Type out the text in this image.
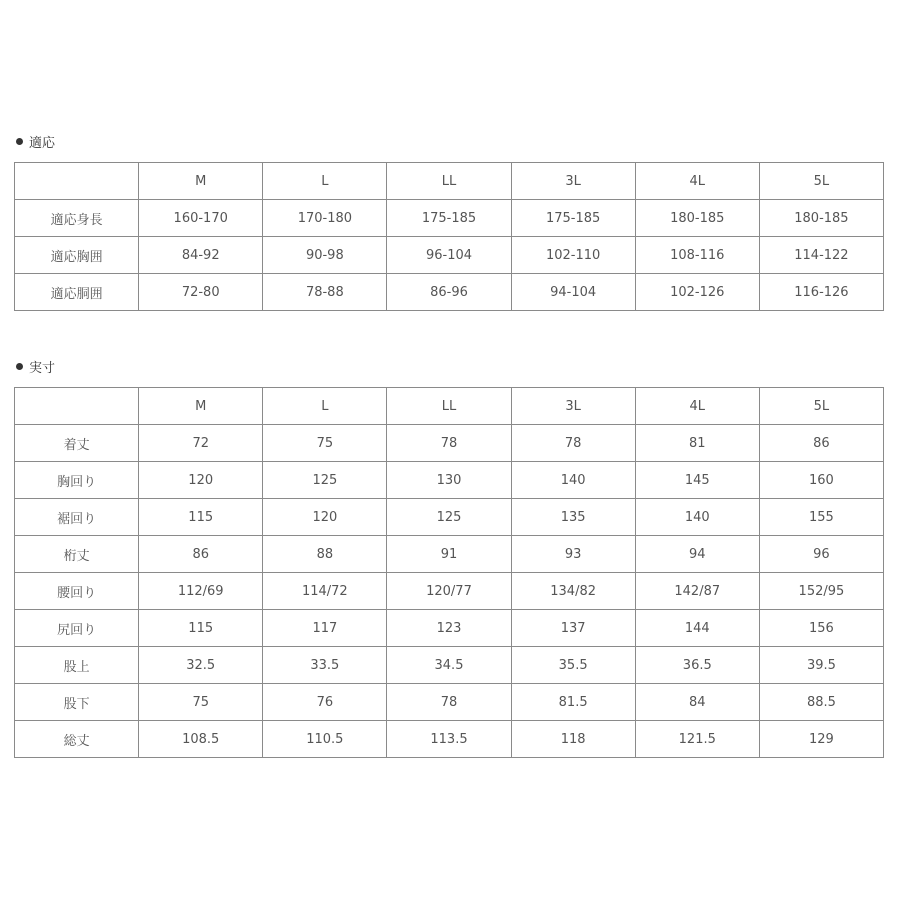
適応
	M	L	LL	3L	4L	5L
適応身長	160-170	170-180	175-185	175-185	180-185	180-185
適応胸囲	84-92	90-98	96-104	102-110	108-116	114-122
適応胴囲	72-80	78-88	86-96	94-104	102-126	116-126
実寸
	M	L	LL	3L	4L	5L
着丈	72	75	78	78	81	86
胸回り	120	125	130	140	145	160
裾回り	115	120	125	135	140	155
桁丈	86	88	91	93	94	96
腰回り	112/69	114/72	120/77	134/82	142/87	152/95
尻回り	115	117	123	137	144	156
股上	32.5	33.5	34.5	35.5	36.5	39.5
股下	75	76	78	81.5	84	88.5
総丈	108.5	110.5	113.5	118	121.5	129
